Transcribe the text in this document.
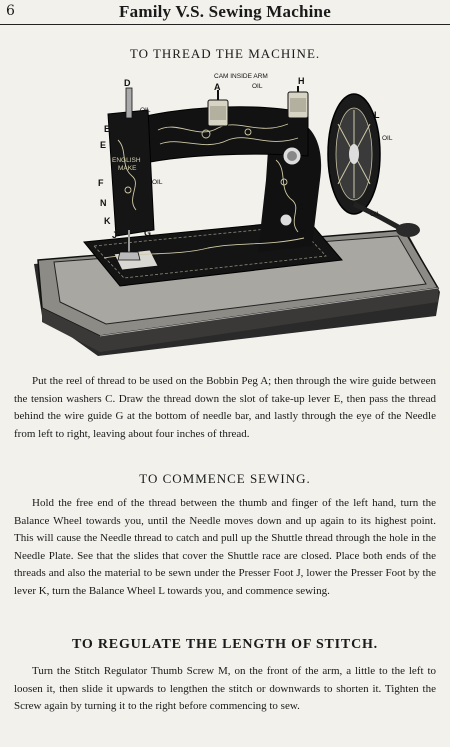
6	Family V.S. Sewing Machine
TO THREAD THE MACHINE.
D	A
H
B
E
F
N
K
G
L
C
M
J
CAM INSIDE ARM
OIL
OIL
OIL
OIL
OIL
OIL
ENGLISH
MAKE

Put the reel of thread to be used on the Bobbin Peg A; then through the wire guide between the tension washers C. Draw the thread down the slot of take-up lever E, then pass the thread behind the wire guide G at the bottom of needle bar, and lastly through the eye of the Needle from left to right, leaving about four inches of thread.

TO COMMENCE SEWING.

Hold the free end of the thread between the thumb and finger of the left hand, turn the Balance Wheel towards you, until the Needle moves down and up again to its highest point. This will cause the Needle thread to catch and pull up the Shuttle thread through the hole in the Needle Plate. See that the slides that cover the Shuttle race are closed. Place both ends of the threads and also the material to be sewn under the Presser Foot J, lower the Presser Foot by the lever K, turn the Balance Wheel L towards you, and commence sewing.

TO REGULATE THE LENGTH OF STITCH.

Turn the Stitch Regulator Thumb Screw M, on the front of the arm, a little to the left to loosen it, then slide it upwards to lengthen the stitch or downwards to shorten it. Tighten the Screw again by turning it to the right before commencing to sew.
